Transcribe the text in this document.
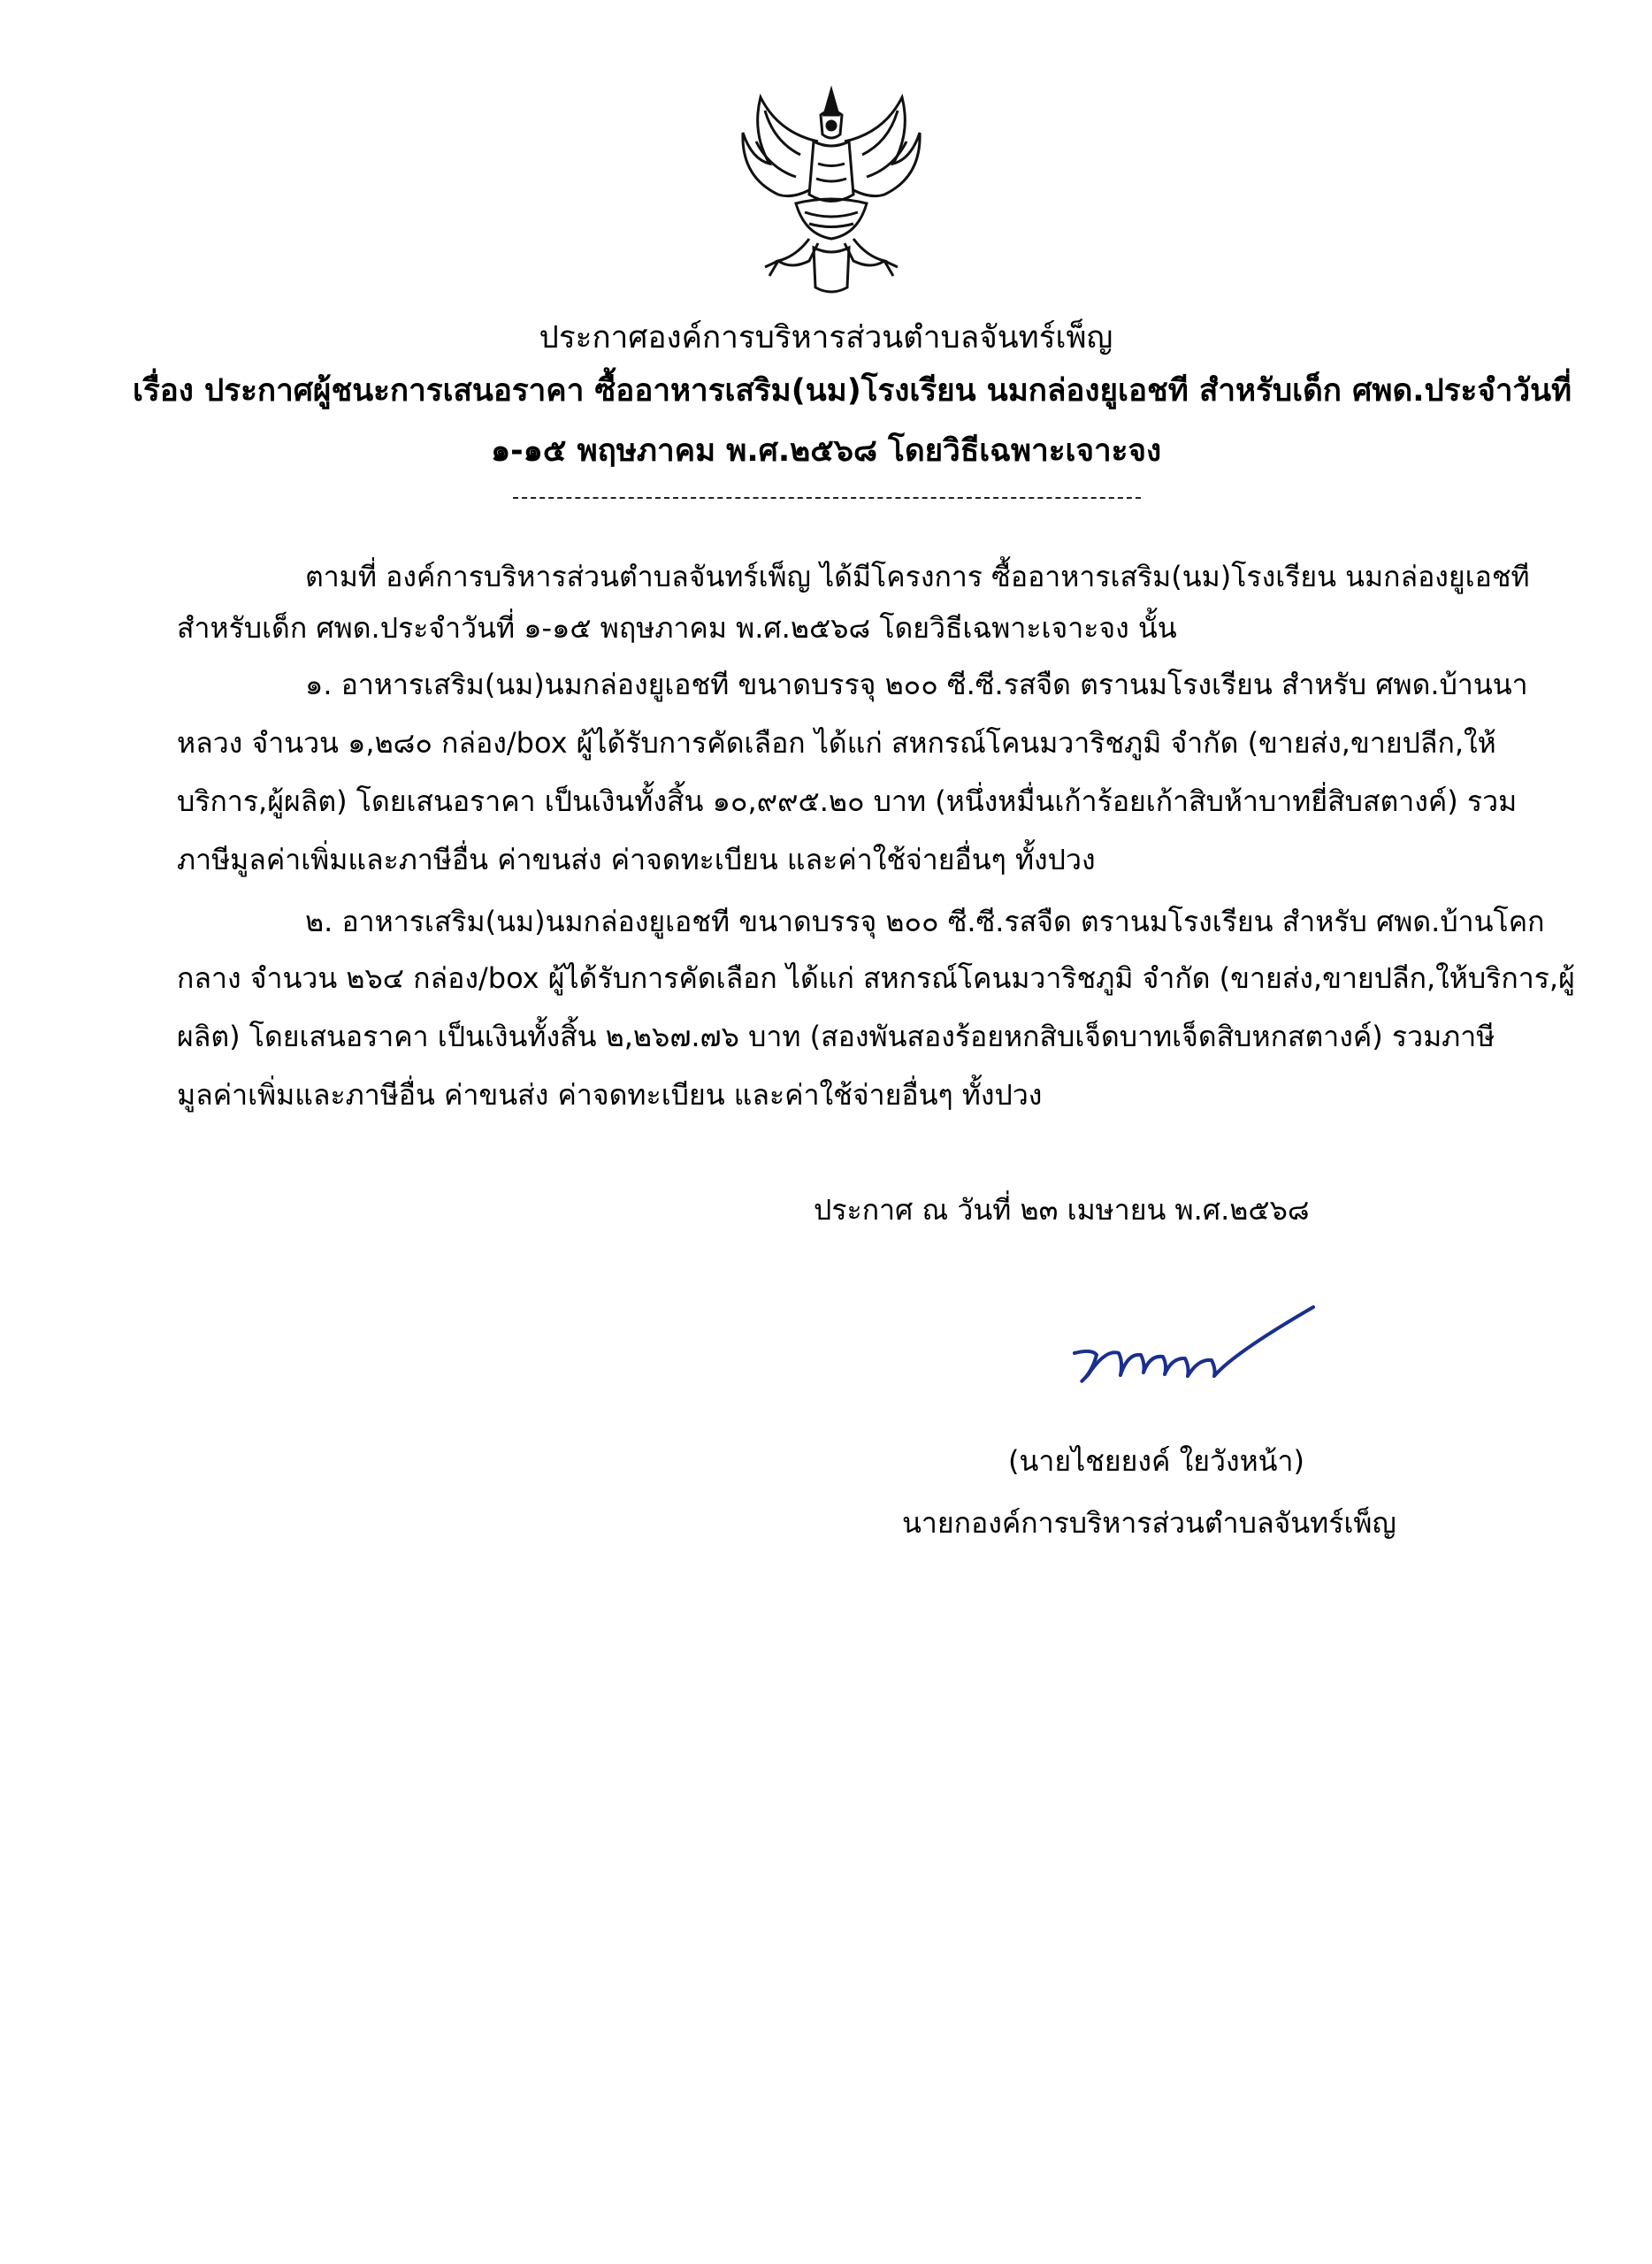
ประกาศองค์การบริหารส่วนตำบลจันทร์เพ็ญ
เรื่อง ประกาศผู้ชนะการเสนอราคา ซื้ออาหารเสริม(นม)โรงเรียน นมกล่องยูเอชที สำหรับเด็ก ศพด.ประจำวันที่
๑-๑๕ พฤษภาคม พ.ศ.๒๕๖๘ โดยวิธีเฉพาะเจาะจง
ตามที่ องค์การบริหารส่วนตำบลจันทร์เพ็ญ ได้มีโครงการ ซื้ออาหารเสริม(นม)โรงเรียน นมกล่องยูเอชที
สำหรับเด็ก ศพด.ประจำวันที่ ๑-๑๕ พฤษภาคม พ.ศ.๒๕๖๘ โดยวิธีเฉพาะเจาะจง นั้น
๑. อาหารเสริม(นม)นมกล่องยูเอชที ขนาดบรรจุ ๒๐๐ ซี.ซี.รสจืด ตรานมโรงเรียน สำหรับ ศพด.บ้านนา
หลวง จำนวน ๑,๒๘๐ กล่อง/box ผู้ได้รับการคัดเลือก ได้แก่ สหกรณ์โคนมวาริชภูมิ จำกัด (ขายส่ง,ขายปลีก,ให้
บริการ,ผู้ผลิต) โดยเสนอราคา เป็นเงินทั้งสิ้น ๑๐,๙๙๕.๒๐ บาท (หนึ่งหมื่นเก้าร้อยเก้าสิบห้าบาทยี่สิบสตางค์) รวม
ภาษีมูลค่าเพิ่มและภาษีอื่น ค่าขนส่ง ค่าจดทะเบียน และค่าใช้จ่ายอื่นๆ ทั้งปวง
๒. อาหารเสริม(นม)นมกล่องยูเอชที ขนาดบรรจุ ๒๐๐ ซี.ซี.รสจืด ตรานมโรงเรียน สำหรับ ศพด.บ้านโคก
กลาง จำนวน ๒๖๔ กล่อง/box ผู้ได้รับการคัดเลือก ได้แก่ สหกรณ์โคนมวาริชภูมิ จำกัด (ขายส่ง,ขายปลีก,ให้บริการ,ผู้
ผลิต) โดยเสนอราคา เป็นเงินทั้งสิ้น ๒,๒๖๗.๗๖ บาท (สองพันสองร้อยหกสิบเจ็ดบาทเจ็ดสิบหกสตางค์) รวมภาษี
มูลค่าเพิ่มและภาษีอื่น ค่าขนส่ง ค่าจดทะเบียน และค่าใช้จ่ายอื่นๆ ทั้งปวง
ประกาศ ณ วันที่ ๒๓ เมษายน พ.ศ.๒๕๖๘
(นายไชยยงค์ ใยวังหน้า)
นายกองค์การบริหารส่วนตำบลจันทร์เพ็ญ
